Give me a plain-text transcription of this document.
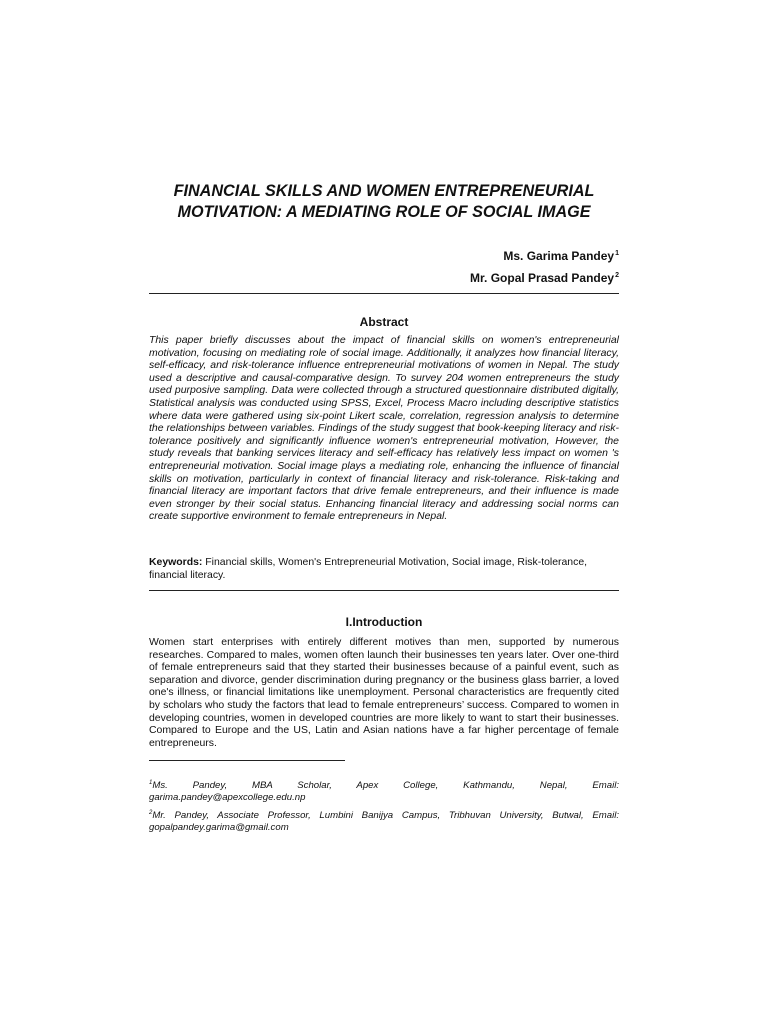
FINANCIAL SKILLS AND WOMEN ENTREPRENEURIAL
MOTIVATION: A MEDIATING ROLE OF SOCIAL IMAGE
Ms. Garima Pandey$^1$
Mr. Gopal Prasad Pandey$^2$
Abstract

This paper briefly discusses about the impact of financial skills on women's entrepreneurial motivation, focusing on mediating role of social image. Additionally, it analyzes how financial literacy, self-efficacy, and risk-tolerance influence entrepreneurial motivations of women in Nepal. The study used a descriptive and causal-comparative design. To survey 204 women entrepreneurs the study used purposive sampling. Data were collected through a structured questionnaire distributed digitally, Statistical analysis was conducted using SPSS, Excel, Process Macro including descriptive statistics where data were gathered using six-point Likert scale, correlation, regression analysis to determine the relationships between variables. Findings of the study suggest that book-keeping literacy and risk-tolerance positively and significantly influence women's entrepreneurial motivation, However, the study reveals that banking services literacy and self-efficacy has relatively less impact on women 's entrepreneurial motivation. Social image plays a mediating role, enhancing the influence of financial skills on motivation, particularly in context of financial literacy and risk-tolerance. Risk-taking and financial literacy are important factors that drive female entrepreneurs, and their influence is made even stronger by their social status. Enhancing financial literacy and addressing social norms can create supportive environment to female entrepreneurs in Nepal.

Keywords: Financial skills, Women's Entrepreneurial Motivation, Social image, Risk-tolerance, financial literacy.

I.Introduction

Women start enterprises with entirely different motives than men, supported by numerous researches. Compared to males, women often launch their businesses ten years later. Over one-third of female entrepreneurs said that they started their businesses because of a painful event, such as separation and divorce, gender discrimination during pregnancy or the business glass barrier, a loved one's illness, or financial limitations like unemployment. Personal characteristics are frequently cited by scholars who study the factors that lead to female entrepreneurs’ success. Compared to women in developing countries, women in developed countries are more likely to want to start their businesses. Compared to Europe and the US, Latin and Asian nations have a far higher percentage of female entrepreneurs.

$^1$Ms. Pandey, MBA Scholar, Apex College, Kathmandu, Nepal, Email:
garima.pandey@apexcollege.edu.np
$^2$Mr. Pandey, Associate Professor, Lumbini Banijya Campus, Tribhuvan University, Butwal, Email:
gopalpandey.garima@gmail.com
